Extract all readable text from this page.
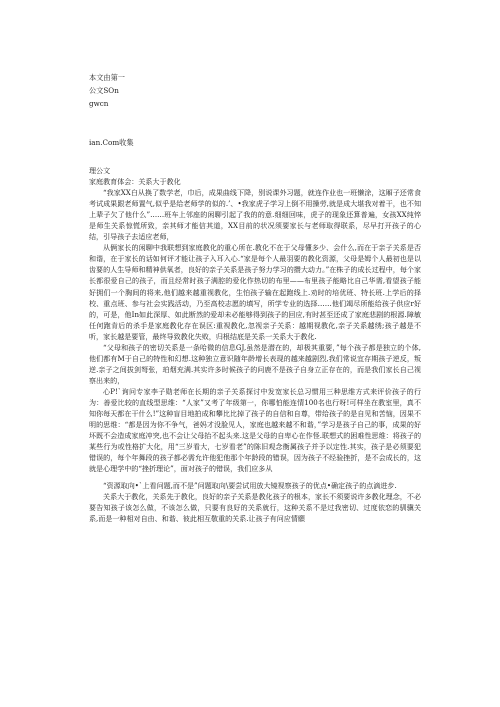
本文由第一
公文SOn
gwcn
ian.Com收集

理公文

家庭教育体会：关系大于教化

“我家XX白从换了数学老，巾后，成果曲线下降，别说课外习题，就连作业也一班懒涂，这厢子还常食考试成果跟老师置气,似乎是给老师学的似的.’、•我家虎子学习上倒不用操劳,就是成大堪我对着干，也不知上辈子欠了他什么”……班车上邻座的闲聊引起了我的的意.细细回味，虎子的现象还算普遍，女孩XX纯悴是师生关系惊慌所致，亲其师才能信其道，XX目前的状况须要家长与老师取得联系，尽早打开孩子的心结，引导孩子去适应老师，

从俩家长的闲聊中我联想到家庭教化的重心所在.教化不在于父母懂多少、会什么,而在于亲子关系是否和谐，在于家长的话如何评才能让孩子入耳入心.“家是每个人最羽要的教化资源，父母是姆个人最初也是以齿要的人生导师和精神供氧者，良好的亲子关系是孩子努力学习的攒大动力。”在株子的成长过程中，每个家长都很爱自己的孩子，而且经常时孩子满腔的爱化作热切的布里——布里孩子能略比自己华需,看望孩子能好拥们一个胸间的将来,他们越来越重视教化，生怕孩子输在起跑线上.劝时的培优班、特长班.上学后的择校、重点班、参与社会实践活动，乃至高校志愿的填写，所学专业的选择……他们竭尽所能给孩子供应r好的，可是，他In如此深厚、如此断然的爱却未必能够得到孩子的回应,有时甚至还成了家庭悲剧的根源.障敏任何跑肯后的杀手是家庭教化存在误区:重视教化,忽视亲子关系：越期视教化,亲子关系越绣;孩子越是不听，家长越是要管，最终导致教化失败，归根结底是关系一关系大于教化.

“父母和孩子的密切关系是一条哈微的信息GJ,虽然是潜在的，却极其重要，”每个孩子都是独立的个体,他们都有M于自己的特性和幻想.这种独立意识随年龄增长表现的越来越剧烈,我们常说宜存期孩子逆反，叛逆.亲子之间拔剑弩张，珀烟充满.其实许多时候孩子的问鹿不是孩子自身立正存在的，而是我们家长自己视察出来的，

心P!`询问专家李子勋老师在长期的亲子关系探讨中发宽家长总习惯用三种思维方式来评价孩子的行为：善爱比较的直线型思维：“人家”又考了年级第一，你哪怕能连情100名也行呀!可样坐在教室里，真不知你每天都在干什么!”这种盲目地拍成和攀比比掉了孩子的自信和自尊，带给孩子的是自见和苦恼，因果不明的思维：“都是因为你不争气，爸妈才没脸见人，家庭也越来越不和谐，”学习是孩子自己的事，成果的好坏既不会造成家庭冲突,也不会让父母抬不起头来.这是父母的自卑心在作怪.联想式的困难性思维：将孩子的某些行为或性格扩大化，用“三岁看大，七岁看老”的陈旧观念衡属孩子并予以定性.其实，孩子是必须要犯错误的，每个年舞段的孩子都必需允许他犯他那个年龄段的错误，因为孩子不经验挫折，是不会成长的，这就是心理学中的“挫折理论”，面对孩子的错误，我们应多从

“资源取向•`上看问题,而不是”问题取向\要尝试用放大镜视察孩子的优点•确定孩子的点滴进步.

关系大于教化，关系先于教化，良好的亲子关系是教化孩子的根本，家长不须要说许多教化理念，不必要告知孩子该怎么做，不该怎么做，只要有良好的关系就行，这种关系不是过我密切、过度依恋的驯骥关系,而是一种相对自由、和谐、彼此相互敬重的关系.让孩子有问应情願
